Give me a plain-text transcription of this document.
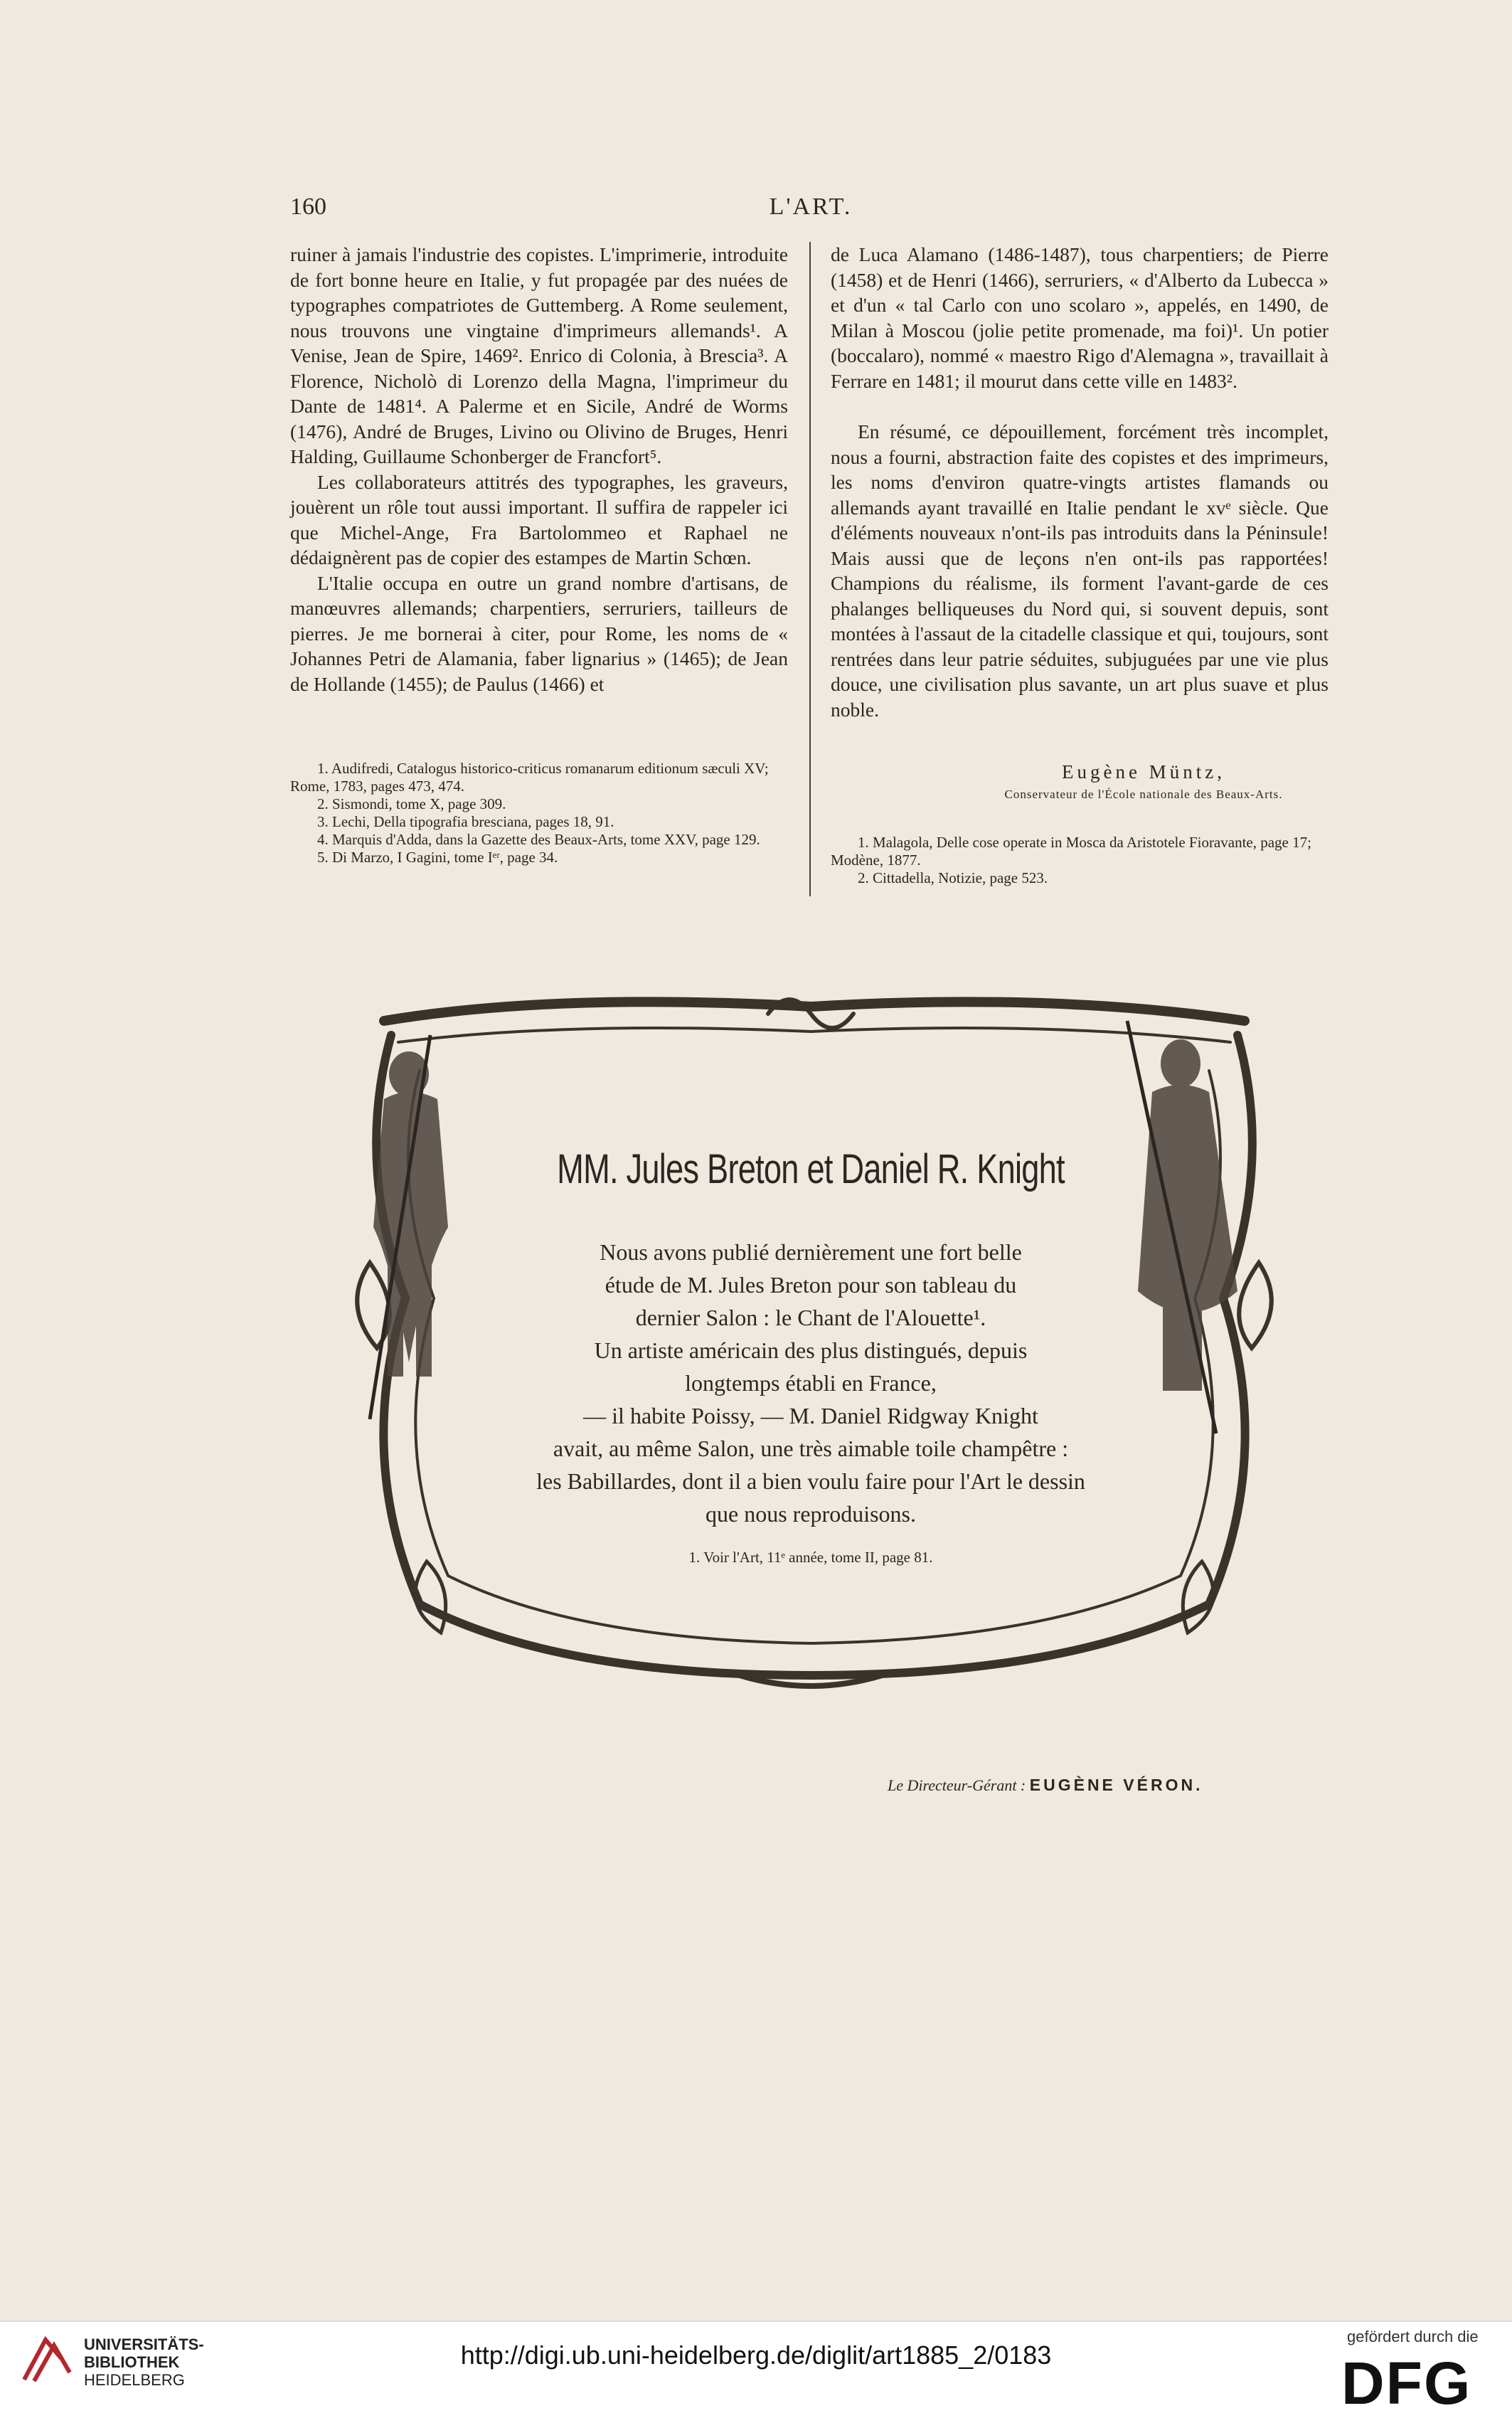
160	L'ART.

ruiner à jamais l'industrie des copistes. L'imprimerie, introduite de fort bonne heure en Italie, y fut propagée par des nuées de typographes compatriotes de Guttemberg. A Rome seulement, nous trouvons une vingtaine d'imprimeurs allemands¹. A Venise, Jean de Spire, 1469². Enrico di Colonia, à Brescia³. A Florence, Nicholò di Lorenzo della Magna, l'imprimeur du Dante de 1481⁴. A Palerme et en Sicile, André de Worms (1476), André de Bruges, Livino ou Olivino de Bruges, Henri Halding, Guillaume Schonberger de Francfort⁵.

Les collaborateurs attitrés des typographes, les graveurs, jouèrent un rôle tout aussi important. Il suffira de rappeler ici que Michel-Ange, Fra Bartolommeo et Raphael ne dédaignèrent pas de copier des estampes de Martin Schœn.

L'Italie occupa en outre un grand nombre d'artisans, de manœuvres allemands; charpentiers, serruriers, tailleurs de pierres. Je me bornerai à citer, pour Rome, les noms de « Johannes Petri de Alamania, faber lignarius » (1465); de Jean de Hollande (1455); de Paulus (1466) et

de Luca Alamano (1486-1487), tous charpentiers; de Pierre (1458) et de Henri (1466), serruriers, « d'Alberto da Lubecca » et d'un « tal Carlo con uno scolaro », appelés, en 1490, de Milan à Moscou (jolie petite promenade, ma foi)¹. Un potier (boccalaro), nommé « maestro Rigo d'Alemagna », travaillait à Ferrare en 1481; il mourut dans cette ville en 1483².

En résumé, ce dépouillement, forcément très incomplet, nous a fourni, abstraction faite des copistes et des imprimeurs, les noms d'environ quatre-vingts artistes flamands ou allemands ayant travaillé en Italie pendant le xvᵉ siècle. Que d'éléments nouveaux n'ont-ils pas introduits dans la Péninsule! Mais aussi que de leçons n'en ont-ils pas rapportées! Champions du réalisme, ils forment l'avant-garde de ces phalanges belliqueuses du Nord qui, si souvent depuis, sont montées à l'assaut de la citadelle classique et qui, toujours, sont rentrées dans leur patrie séduites, subjuguées par une vie plus douce, une civilisation plus savante, un art plus suave et plus noble.

1. Audifredi, Catalogus historico-criticus romanarum editionum sæculi XV; Rome, 1783, pages 473, 474.
2. Sismondi, tome X, page 309.
3. Lechi, Della tipografia bresciana, pages 18, 91.
4. Marquis d'Adda, dans la Gazette des Beaux-Arts, tome XXV, page 129.
5. Di Marzo, I Gagini, tome Iᵉʳ, page 34.
Eugène Müntz,
Conservateur de l'École nationale des Beaux-Arts.
1. Malagola, Delle cose operate in Mosca da Aristotele Fioravante, page 17; Modène, 1877.
2. Cittadella, Notizie, page 523.
MM. Jules Breton et Daniel R. Knight
Nous avons publié dernièrement une fort belle
étude de M. Jules Breton pour son tableau du
dernier Salon : le Chant de l'Alouette¹.
Un artiste américain des plus distingués, depuis
longtemps établi en France,
— il habite Poissy, — M. Daniel Ridgway Knight
avait, au même Salon, une très aimable toile champêtre :
les Babillardes, dont il a bien voulu faire pour l'Art le dessin
que nous reproduisons.
1. Voir l'Art, 11ᵉ année, tome II, page 81.
Le Directeur-Gérant : EUGÈNE VÉRON.
UNIVERSITÄTS-
BIBLIOTHEK
HEIDELBERG
http://digi.ub.uni-heidelberg.de/diglit/art1885_2/0183
gefördert durch die
DFG
